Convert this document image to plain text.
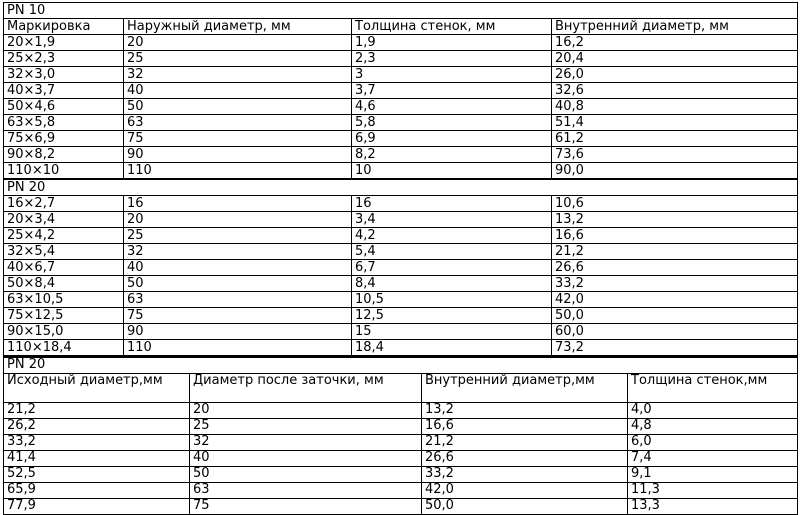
PN 10			
Маркировка	Наружный диаметр, мм	Толщина стенок, мм	Внутренний диаметр, мм
20×1,9	20	1,9	16,2
25×2,3	25	2,3	20,4
32×3,0	32	3	26,0
40×3,7	40	3,7	32,6
50×4,6	50	4,6	40,8
63×5,8	63	5,8	51,4
75×6,9	75	6,9	61,2
90×8,2	90	8,2	73,6
110×10	110	10	90,0
PN 20			
16×2,7	16	16	10,6
20×3,4	20	3,4	13,2
25×4,2	25	4,2	16,6
32×5,4	32	5,4	21,2
40×6,7	40	6,7	26,6
50×8,4	50	8,4	33,2
63×10,5	63	10,5	42,0
75×12,5	75	12,5	50,0
90×15,0	90	15	60,0
110×18,4	110	18,4	73,2
PN 20			
Исходный диаметр,мм	Диаметр после заточки, мм	Внутренний диаметр,мм	Толщина стенок,мм
21,2	20	13,2	4,0
26,2	25	16,6	4,8
33,2	32	21,2	6,0
41,4	40	26,6	7,4
52,5	50	33,2	9,1
65,9	63	42,0	11,3
77,9	75	50,0	13,3
